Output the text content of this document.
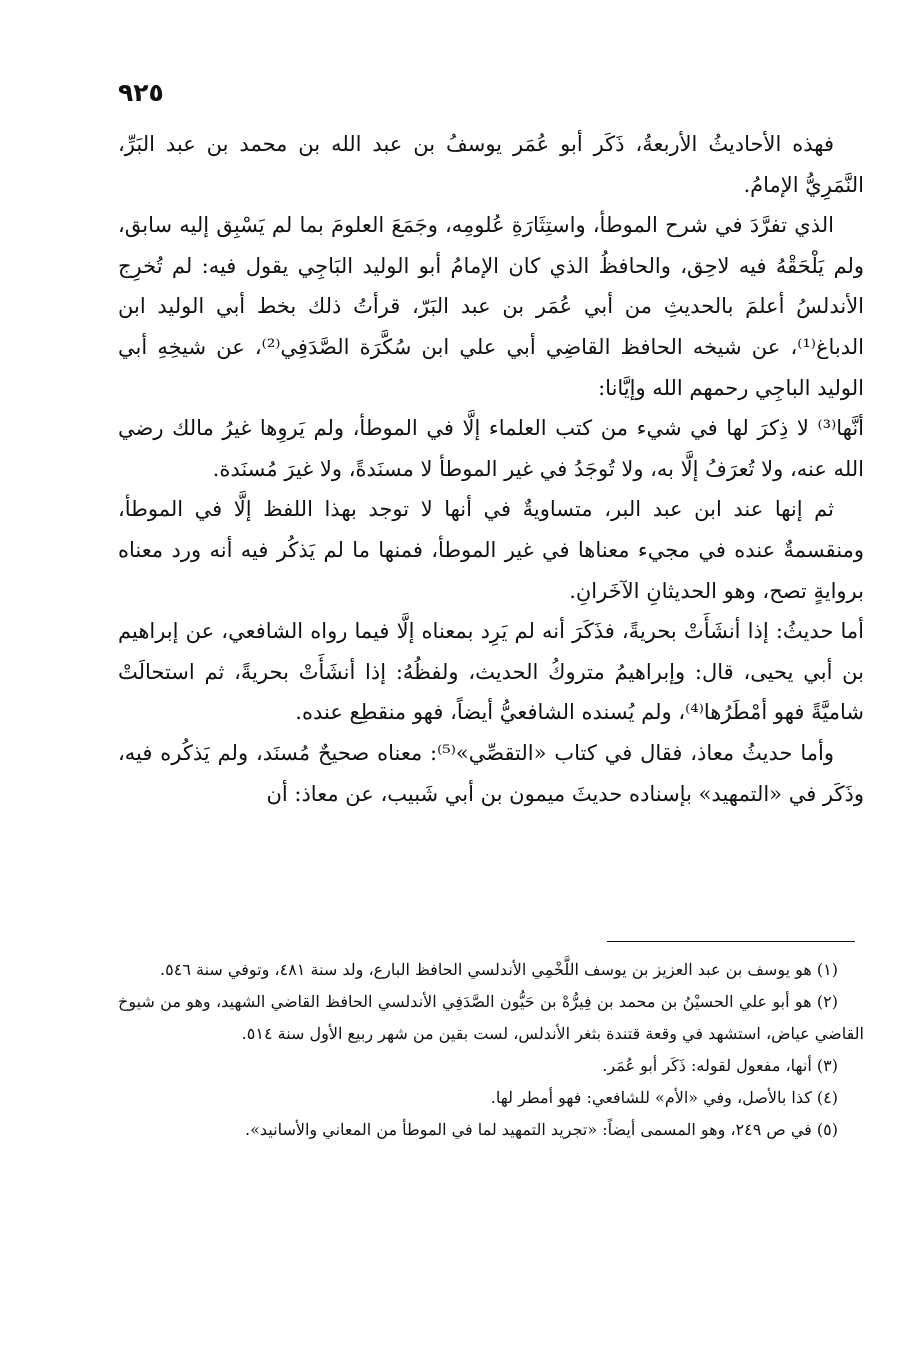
٩٢٥

فهذه الأحاديثُ الأربعةُ، ذَكَر أبو عُمَر يوسفُ بن عبد الله بن محمد بن عبد البَرِّ، النَّمَرِيُّ الإمامُ.

الذي تفرَّدَ في شرح الموطأ، واستِثَارَةِ عُلومِه، وجَمَعَ العلومَ بما لم يَسْبِق إليه سابق، ولم يَلْحَقْهُ فيه لاحِق، والحافظُ الذي كان الإمامُ أبو الوليد البَاجِي يقول فيه: لم تُخرِج الأندلسُ أعلمَ بالحديثِ من أبي عُمَر بن عبد البَرّ، قرأتُ ذلك بخط أبي الوليد ابن الدباغ⁽¹⁾، عن شيخه الحافظ القاضِي أبي علي ابن سُكَّرَة الصَّدَفِي⁽²⁾، عن شيخِهِ أبي الوليد الباجِي رحمهم الله وإيَّانا:

أنَّها⁽³⁾ لا ذِكرَ لها في شيء من كتب العلماء إلَّا في الموطأ، ولم يَروِها غيرُ مالك رضي الله عنه، ولا تُعرَفُ إلَّا به، ولا تُوجَدُ في غير الموطأ لا مسنَدةً، ولا غيرَ مُسنَدة.

ثم إنها عند ابن عبد البر، متساويةٌ في أنها لا توجد بهذا اللفظ إلَّا في الموطأ، ومنقسمةٌ عنده في مجيء معناها في غير الموطأ، فمنها ما لم يَذكُر فيه أنه ورد معناه بروايةٍ تصح، وهو الحديثانِ الآخَرانِ.

أما حديثُ: إذا أنشَأَتْ بحريةً، فذَكَرَ أنه لم يَرِد بمعناه إلَّا فيما رواه الشافعي، عن إبراهيم بن أبي يحيى، قال: وإبراهيمُ متروكُ الحديث، ولفظُهُ: إذا أنشَأَتْ بحريةً، ثم استحالَتْ شاميَّةً فهو أمْطَرُها⁽⁴⁾، ولم يُسنده الشافعيُّ أيضاً، فهو منقطِع عنده.

وأما حديثُ معاذ، فقال في كتاب «التقصِّي»⁽⁵⁾: معناه صحيحٌ مُسنَد، ولم يَذكُره فيه، وذَكَر في «التمهيد» بإسناده حديثَ ميمون بن أبي شَبيب، عن معاذ: أن

(١) هو يوسف بن عبد العزيز بن يوسف اللَّخْمِي الأندلسي الحافظ البارع، ولد سنة ٤٨١، وتوفي سنة ٥٤٦.

(٢) هو أبو علي الحسيْنُ بن محمد بن فِيرُّهْ بن حَيُّون الصَّدَفِي الأندلسي الحافظ القاضي الشهيد، وهو من شيوخ القاضي عياض، استشهد في وقعة قتندة بثغر الأندلس، لست بقين من شهر ربيع الأول سنة ٥١٤.

(٣) أنها، مفعول لقوله: ذَكَر أبو عُمَر.

(٤) كذا بالأصل، وفي «الأم» للشافعي: فهو أمطر لها.

(٥) في ص ٢٤٩، وهو المسمى أيضاً: «تجريد التمهيد لما في الموطأ من المعاني والأسانيد».
